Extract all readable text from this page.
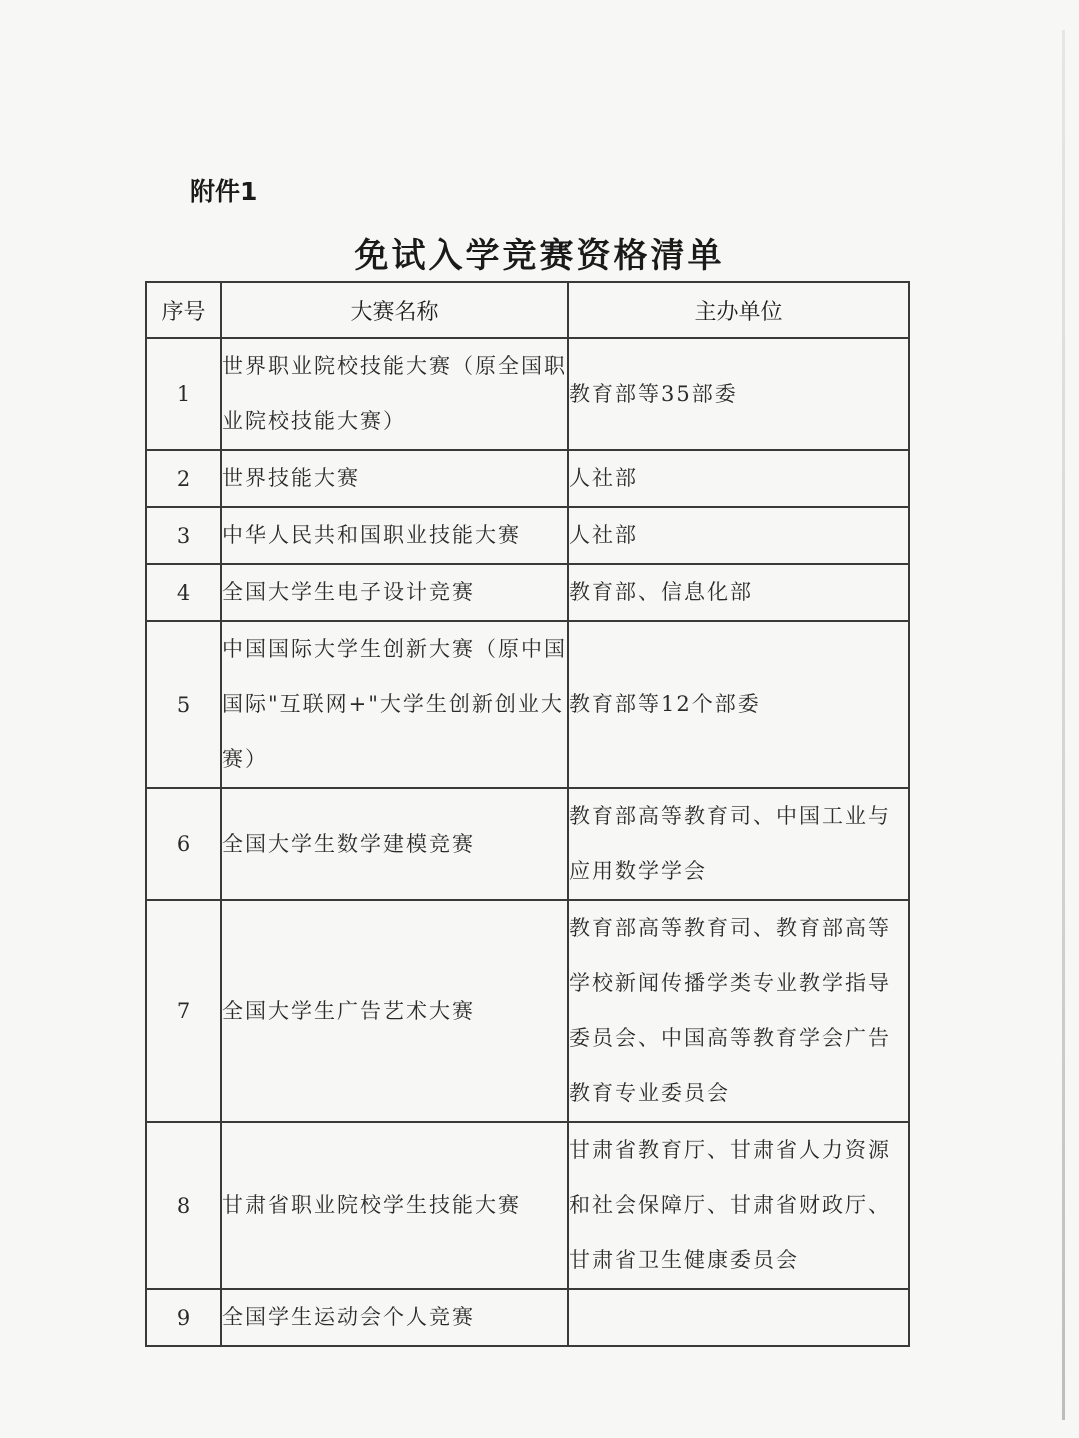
附件1
免试入学竞赛资格清单
序号	大赛名称	主办单位
1	世界职业院校技能大赛（原全国职业院校技能大赛）	教育部等35部委
2	世界技能大赛	人社部
3	中华人民共和国职业技能大赛	人社部
4	全国大学生电子设计竞赛	教育部、信息化部
5	中国国际大学生创新大赛（原中国国际"互联网+"大学生创新创业大赛）	教育部等12个部委
6	全国大学生数学建模竞赛	教育部高等教育司、中国工业与应用数学学会
7	全国大学生广告艺术大赛	教育部高等教育司、教育部高等学校新闻传播学类专业教学指导委员会、中国高等教育学会广告教育专业委员会
8	甘肃省职业院校学生技能大赛	甘肃省教育厅、甘肃省人力资源和社会保障厅、甘肃省财政厅、甘肃省卫生健康委员会
9	全国学生运动会个人竞赛	
